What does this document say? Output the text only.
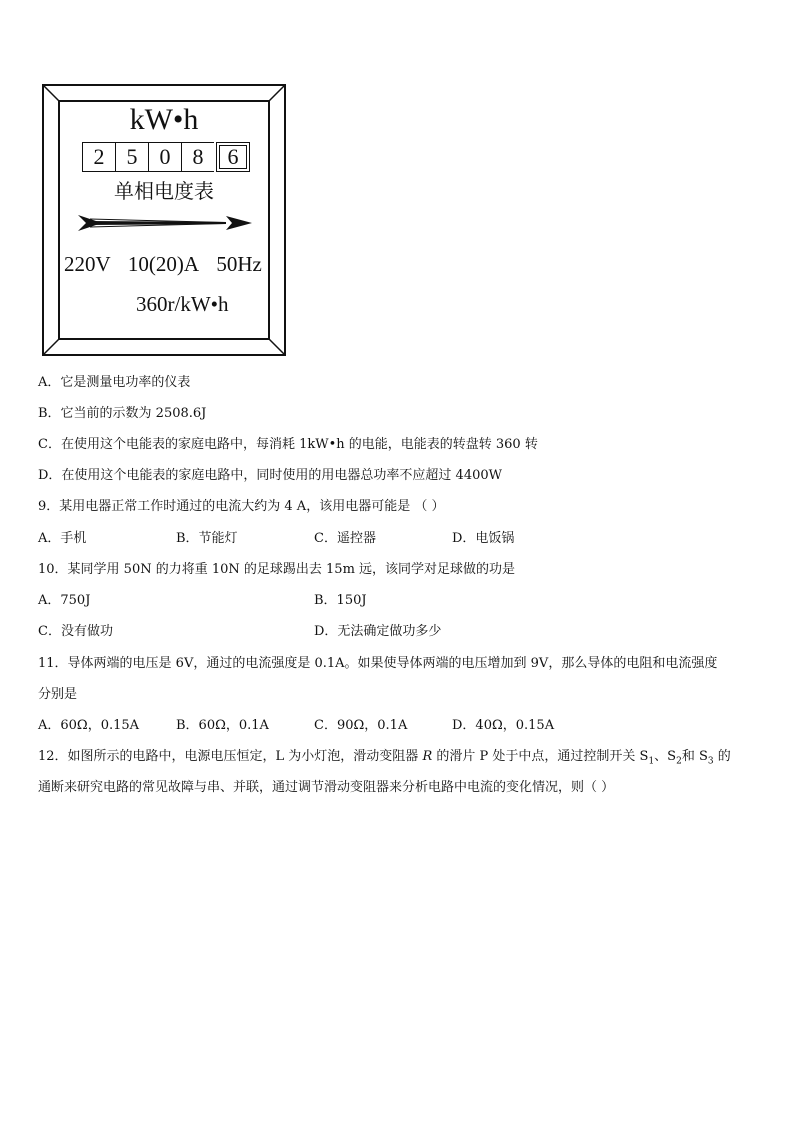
kW•h
2	5	0	8	6
单相电度表
220V 10(20)A 50Hz
360r/kW•h
A．它是测量电功率的仪表
B．它当前的示数为 2508.6J
C．在使用这个电能表的家庭电路中，每消耗 1kW•h 的电能，电能表的转盘转 360 转
D．在使用这个电能表的家庭电路中，同时使用的用电器总功率不应超过 4400W
9．某用电器正常工作时通过的电流大约为 4 A，该用电器可能是 （ ）
A．手机	B．节能灯	C．遥控器	D．电饭锅
10．某同学用 50N 的力将重 10N 的足球踢出去 15m 远，该同学对足球做的功是
A．750J	B．150J
C．没有做功	D．无法确定做功多少
11．导体两端的电压是 6V，通过的电流强度是 0.1A。如果使导体两端的电压增加到 9V，那么导体的电阻和电流强度
分别是
A．60Ω，0.15A	B．60Ω，0.1A	C．90Ω，0.1A	D．40Ω，0.15A
12．如图所示的电路中，电源电压恒定，L 为小灯泡，滑动变阻器 R 的滑片 P 处于中点，通过控制开关 $S_1$、$S_2$和 $S_3$ 的
通断来研究电路的常见故障与串、并联，通过调节滑动变阻器来分析电路中电流的变化情况，则（ ）
